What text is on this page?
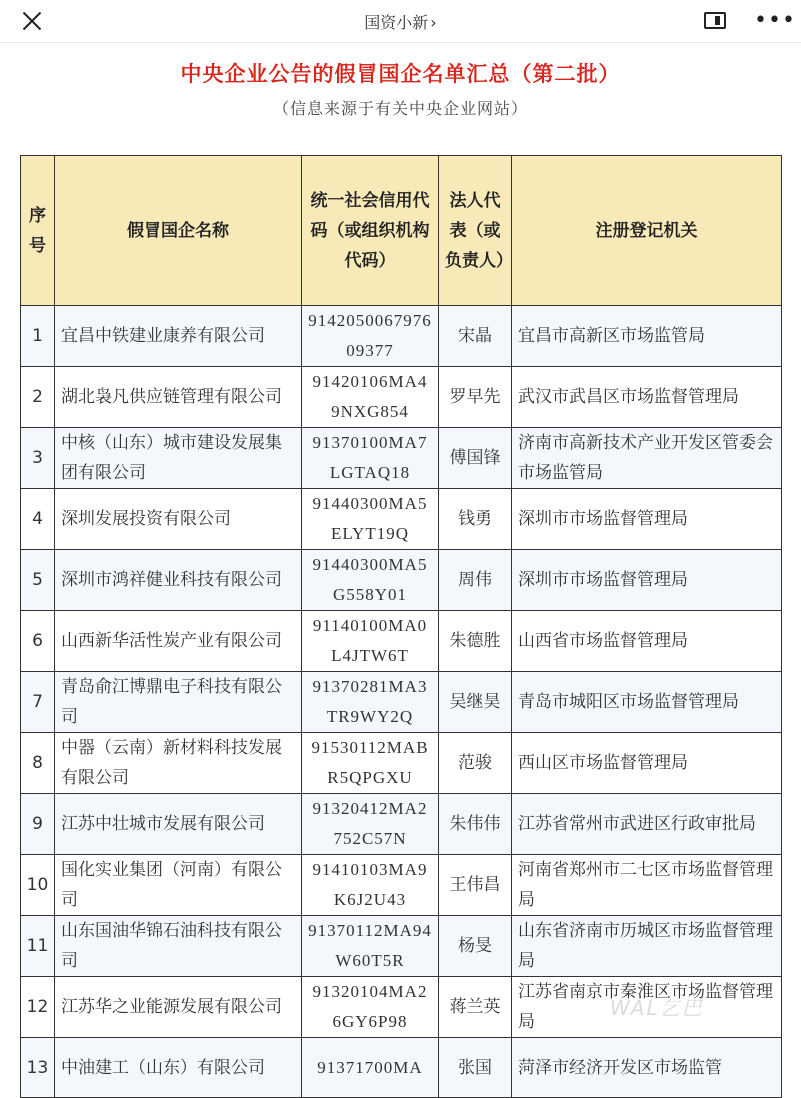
国资小新 ›	•••
中央企业公告的假冒国企名单汇总（第二批）
（信息来源于有关中央企业网站）
序号	假冒国企名称	统一社会信用代码（或组织机构代码）	法人代表（或负责人）	注册登记机关
1	宜昌中铁建业康养有限公司	914205006797609377	宋晶	宜昌市高新区市场监管局
2	湖北袅凡供应链管理有限公司	91420106MA49NXG854	罗早先	武汉市武昌区市场监督管理局
3	中核（山东）城市建设发展集团有限公司	91370100MA7LGTAQ18	傅国锋	济南市高新技术产业开发区管委会市场监管局
4	深圳发展投资有限公司	91440300MA5ELYT19Q	钱勇	深圳市市场监督管理局
5	深圳市鸿祥健业科技有限公司	91440300MA5G558Y01	周伟	深圳市市场监督管理局
6	山西新华活性炭产业有限公司	91140100MA0L4JTW6T	朱德胜	山西省市场监督管理局
7	青岛俞江博鼎电子科技有限公司	91370281MA3TR9WY2Q	吴继昊	青岛市城阳区市场监督管理局
8	中器（云南）新材料科技发展有限公司	91530112MABR5QPGXU	范骏	西山区市场监督管理局
9	江苏中壮城市发展有限公司	91320412MA2752C57N	朱伟伟	江苏省常州市武进区行政审批局
10	国化实业集团（河南）有限公司	91410103MA9K6J2U43	王伟昌	河南省郑州市二七区市场监督管理局
11	山东国油华锦石油科技有限公司	91370112MA94W60T5R	杨旻	山东省济南市历城区市场监督管理局
12	江苏华之业能源发展有限公司	91320104MA26GY6P98	蒋兰英	江苏省南京市秦淮区市场监督管理局
13	中油建工（山东）有限公司	91371700MA	张国	菏泽市经济开发区市场监管
WAL乞巴
